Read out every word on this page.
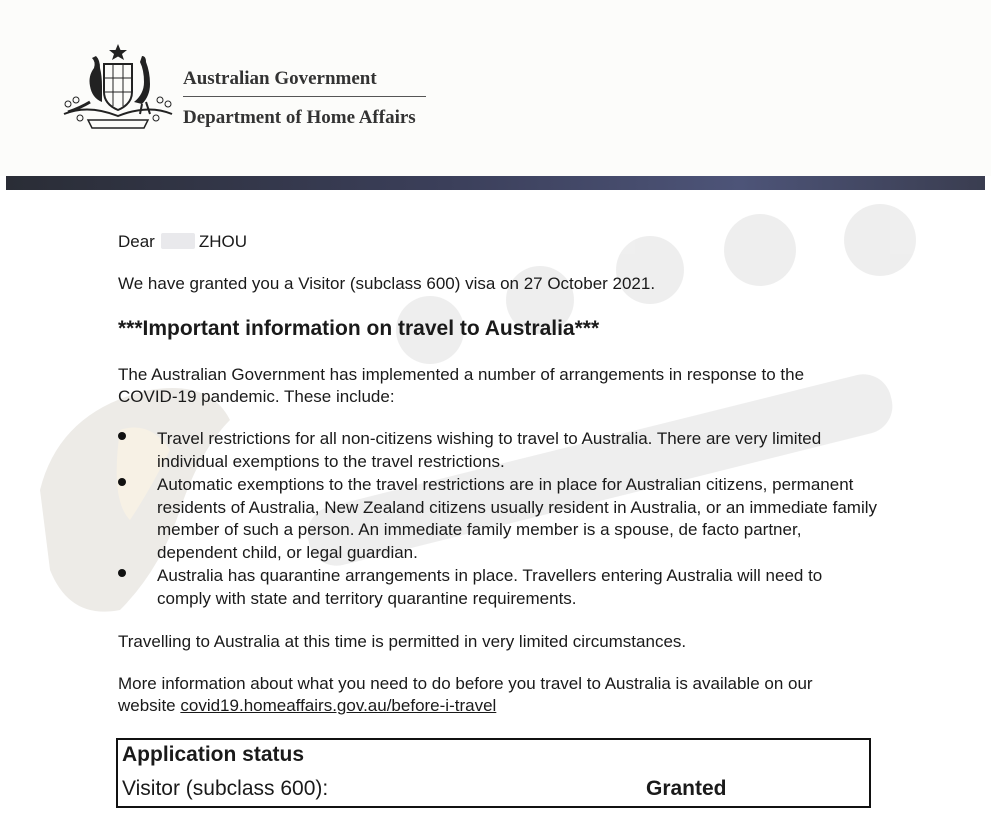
Australian Government
Department of Home Affairs

Dear	ZHOU

We have granted you a Visitor (subclass 600) visa on 27 October 2021.

***Important information on travel to Australia***

The Australian Government has implemented a number of arrangements in response to the COVID-19 pandemic. These include:

Travel restrictions for all non-citizens wishing to travel to Australia. There are very limited individual exemptions to the travel restrictions.
Automatic exemptions to the travel restrictions are in place for Australian citizens, permanent residents of Australia, New Zealand citizens usually resident in Australia, or an immediate family member of such a person. An immediate family member is a spouse, de facto partner, dependent child, or legal guardian.
Australia has quarantine arrangements in place. Travellers entering Australia will need to comply with state and territory quarantine requirements.

Travelling to Australia at this time is permitted in very limited circumstances.

More information about what you need to do before you travel to Australia is available on our website covid19.homeaffairs.gov.au/before-i-travel

Application status
Visitor (subclass 600):	Granted
